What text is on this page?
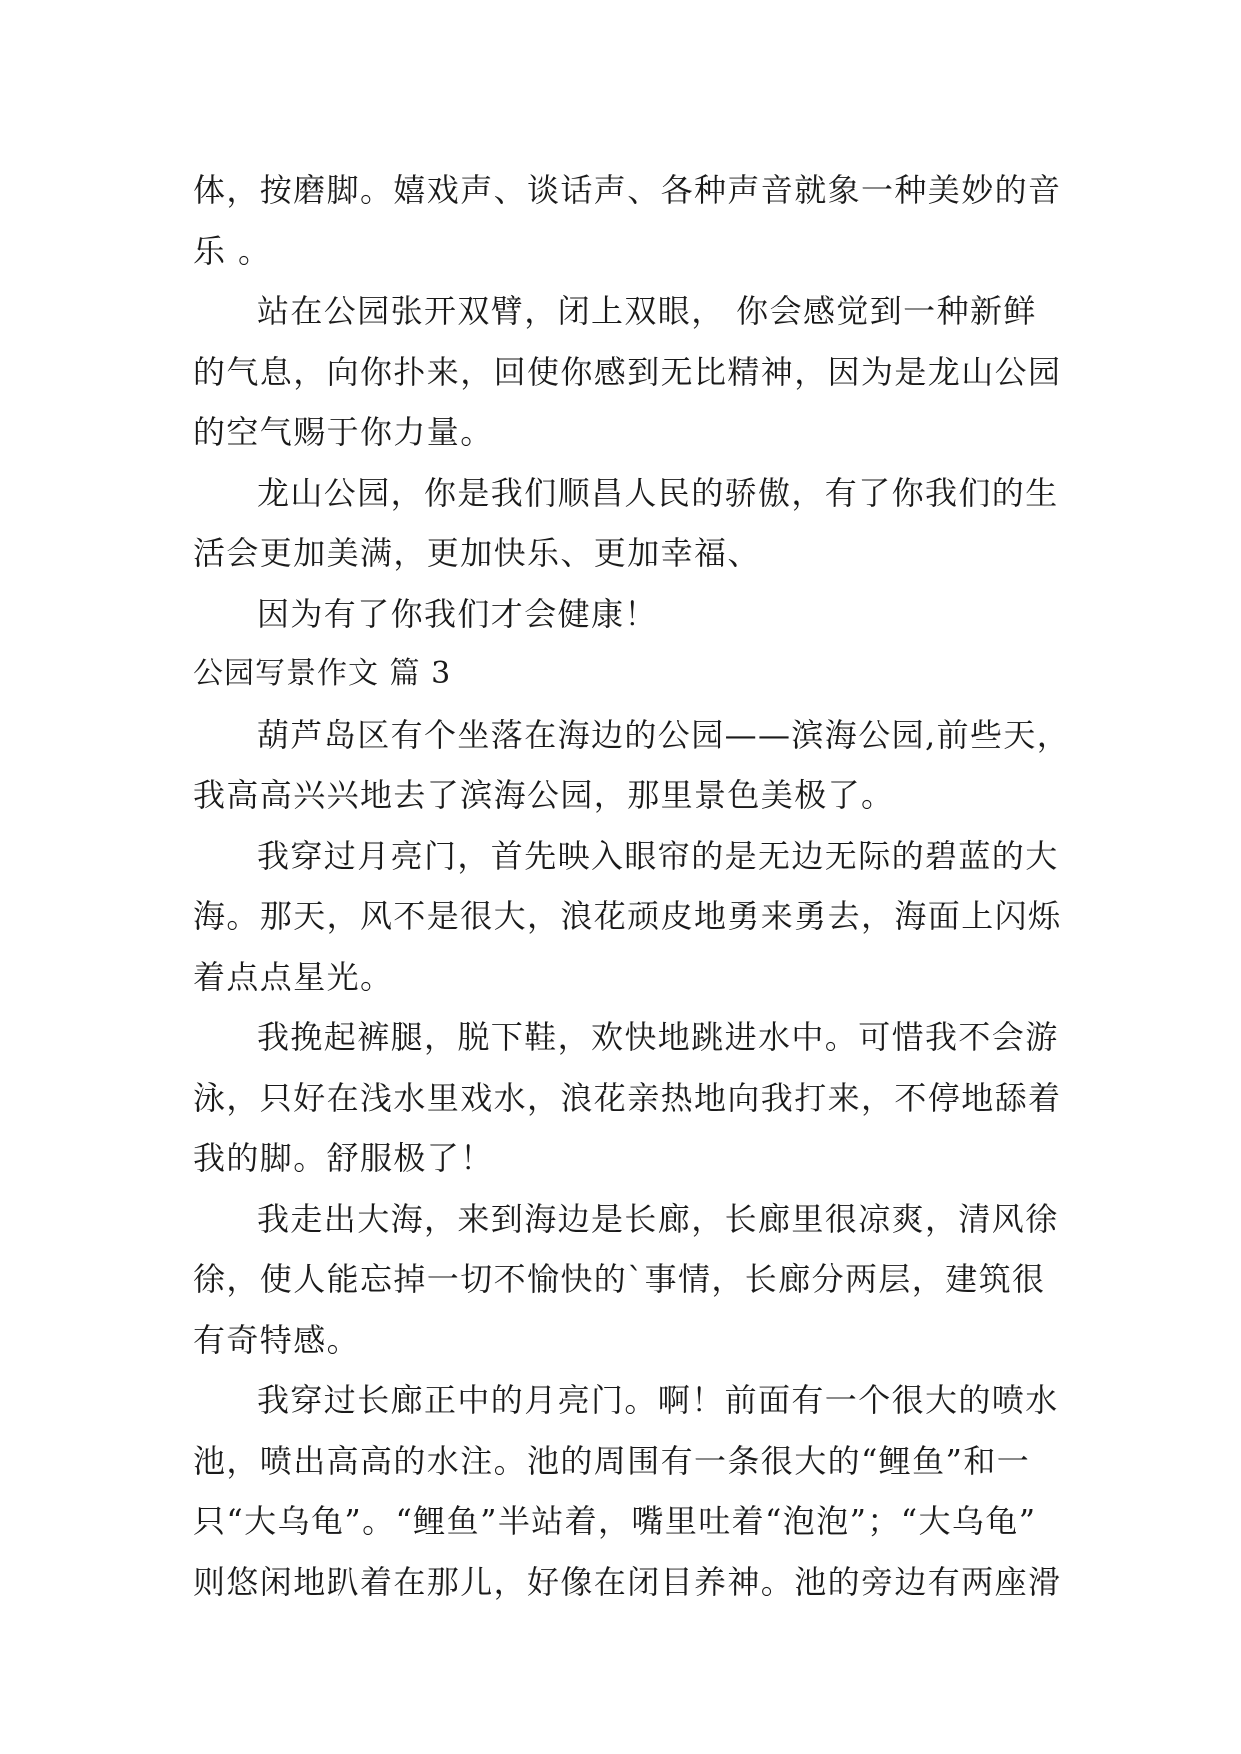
体，按磨脚。嬉戏声、谈话声、各种声音就象一种美妙的音
乐 。
站在公园张开双臂，闭上双眼， 你会感觉到一种新鲜
的气息，向你扑来，回使你感到无比精神，因为是龙山公园
的空气赐于你力量。
龙山公园，你是我们顺昌人民的骄傲，有了你我们的生
活会更加美满，更加快乐、更加幸福、
因为有了你我们才会健康！
公园写景作文 篇 3
葫芦岛区有个坐落在海边的公园——滨海公园,前些天，
我高高兴兴地去了滨海公园，那里景色美极了。
我穿过月亮门，首先映入眼帘的是无边无际的碧蓝的大
海。那天，风不是很大，浪花顽皮地勇来勇去，海面上闪烁
着点点星光。
我挽起裤腿，脱下鞋，欢快地跳进水中。可惜我不会游
泳，只好在浅水里戏水，浪花亲热地向我打来，不停地舔着
我的脚。舒服极了！
我走出大海，来到海边是长廊，长廊里很凉爽，清风徐
徐，使人能忘掉一切不愉快的`事情，长廊分两层，建筑很
有奇特感。
我穿过长廊正中的月亮门。啊！前面有一个很大的喷水
池，喷出高高的水注。池的周围有一条很大的“鲤鱼”和一
只“大乌龟”。“鲤鱼”半站着，嘴里吐着“泡泡”；“大乌龟”
则悠闲地趴着在那儿，好像在闭目养神。池的旁边有两座滑
